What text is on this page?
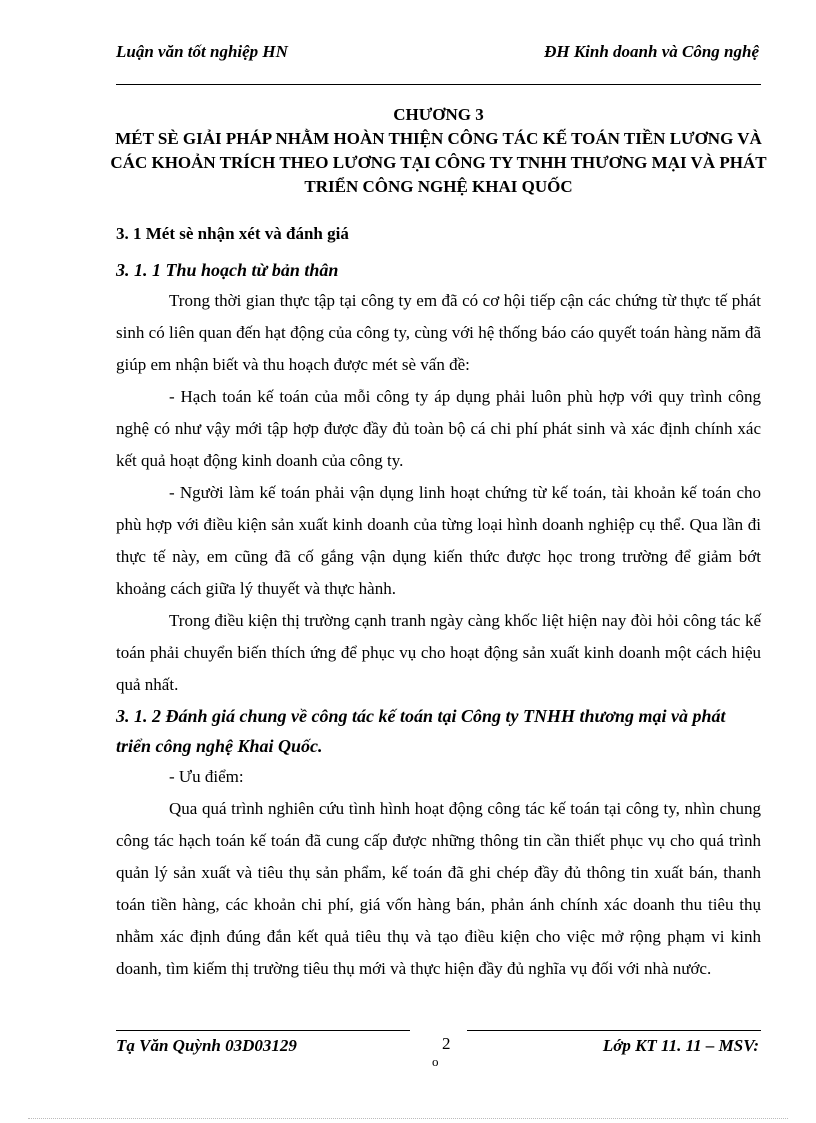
Luận văn tốt nghiệp HN	ĐH Kinh doanh và Công nghệ
CHƯƠNG 3
MÉT SÈ GIẢI PHÁP NHẰM HOÀN THIỆN CÔNG TÁC KẾ TOÁN TIỀN LƯƠNG VÀ CÁC KHOẢN TRÍCH THEO LƯƠNG TẠI CÔNG TY TNHH THƯƠNG MẠI VÀ PHÁT TRIỂN CÔNG NGHỆ KHAI QUỐC
3. 1 Mét sè nhận xét và đánh giá
3. 1. 1 Thu hoạch từ bản thân

Trong thời gian thực tập tại công ty em đã có cơ hội tiếp cận các chứng từ thực tế phát sinh có liên quan đến hạt động của công ty, cùng với hệ thống báo cáo quyết toán hàng năm đã giúp em nhận biết và thu hoạch được mét sè vấn đề:

- Hạch toán kế toán của mỗi công ty áp dụng phải luôn phù hợp với quy trình công nghệ có như vậy mới tập hợp được đầy đủ toàn bộ cá chi phí phát sinh và xác định chính xác kết quả hoạt động kinh doanh của công ty.

- Người làm kế toán phải vận dụng linh hoạt chứng từ kế toán, tài khoản kế toán cho phù hợp với điều kiện sản xuất kinh doanh của từng loại hình doanh nghiệp cụ thể. Qua lần đi thực tế này, em cũng đã cố gắng vận dụng kiến thức được học trong trường để giảm bớt khoảng cách giữa lý thuyết và thực hành.

Trong điều kiện thị trường cạnh tranh ngày càng khốc liệt hiện nay đòi hỏi công tác kế toán phải chuyển biến thích ứng để phục vụ cho hoạt động sản xuất kinh doanh một cách hiệu quả nhất.

3. 1. 2 Đánh giá chung về công tác kế toán tại Công ty TNHH thương mại và phát triển công nghệ Khai Quốc.

- Ưu điểm:

Qua quá trình nghiên cứu tình hình hoạt động công tác kế toán tại công ty, nhìn chung công tác hạch toán kế toán đã cung cấp được những thông tin cần thiết phục vụ cho quá trình quản lý sản xuất và tiêu thụ sản phẩm, kế toán đã ghi chép đầy đủ thông tin xuất bán, thanh toán tiền hàng, các khoản chi phí, giá vốn hàng bán, phản ánh chính xác doanh thu tiêu thụ nhằm xác định đúng đắn kết quả tiêu thụ và tạo điều kiện cho việc mở rộng phạm vi kinh doanh, tìm kiếm thị trường tiêu thụ mới và thực hiện đầy đủ nghĩa vụ đối với nhà nước.

Tạ Văn Quỳnh 03D03129	2
o
Lớp KT 11. 11 – MSV:
